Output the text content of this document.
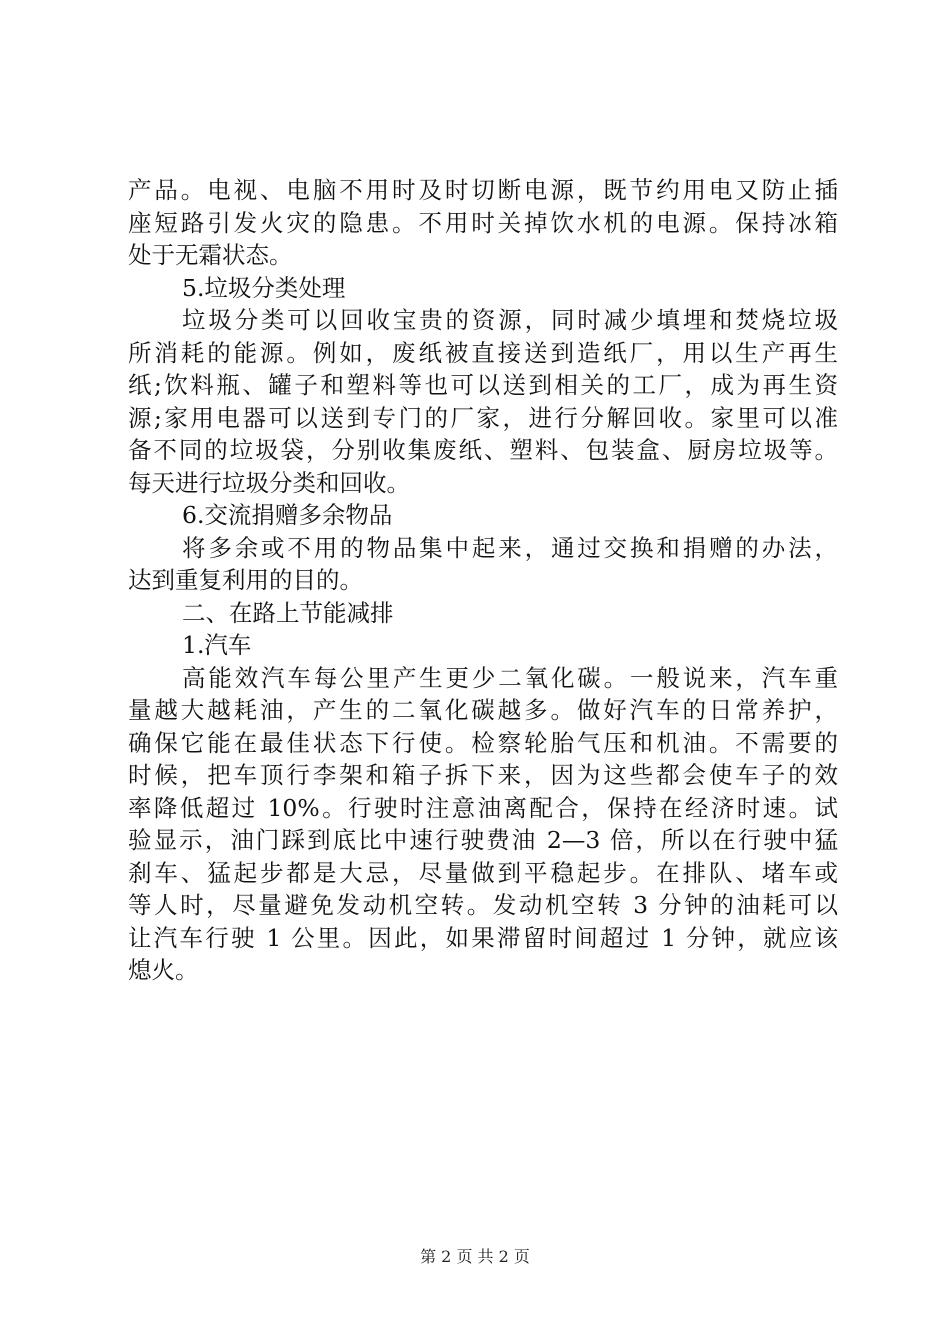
产品。电视、电脑不用时及时切断电源，既节约用电又防止插
座短路引发火灾的隐患。不用时关掉饮水机的电源。保持冰箱
处于无霜状态。
5.垃圾分类处理
垃圾分类可以回收宝贵的资源，同时减少填埋和焚烧垃圾
所消耗的能源。例如，废纸被直接送到造纸厂，用以生产再生
纸;饮料瓶、罐子和塑料等也可以送到相关的工厂，成为再生资
源;家用电器可以送到专门的厂家，进行分解回收。家里可以准
备不同的垃圾袋，分别收集废纸、塑料、包装盒、厨房垃圾等。
每天进行垃圾分类和回收。
6.交流捐赠多余物品
将多余或不用的物品集中起来，通过交换和捐赠的办法，
达到重复利用的目的。
二、在路上节能减排
1.汽车
高能效汽车每公里产生更少二氧化碳。一般说来，汽车重
量越大越耗油，产生的二氧化碳越多。做好汽车的日常养护，
确保它能在最佳状态下行使。检察轮胎气压和机油。不需要的
时候，把车顶行李架和箱子拆下来，因为这些都会使车子的效
率降低超过 10%。行驶时注意油离配合，保持在经济时速。试
验显示，油门踩到底比中速行驶费油 2—3 倍，所以在行驶中猛
刹车、猛起步都是大忌，尽量做到平稳起步。在排队、堵车或
等人时，尽量避免发动机空转。发动机空转 3 分钟的油耗可以
让汽车行驶 1 公里。因此，如果滞留时间超过 1 分钟，就应该
熄火。
第 2 页 共 2 页
